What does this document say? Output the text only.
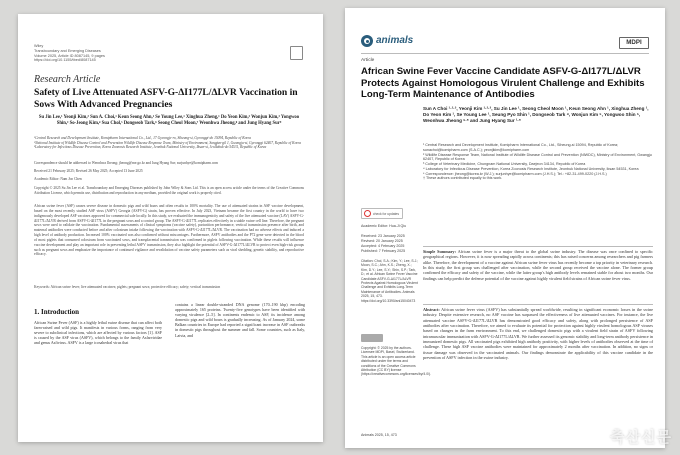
Wiley
Transboundary and Emerging Diseases
Volume 2025, Article ID 8087145, 9 pages
https://doi.org/10.1155/tbed/8087145
Research Article
Safety of Live Attenuated ASFV-G-ΔI177L/ΔLVR Vaccination in Sows With Advanced Pregnancies
Su Jin Lee,¹ Yeonji Kim,² Sun A. Choi,¹ Keun Seong Ahn,¹ Se Young Lee,¹ Xinghua Zheng,¹ Do Yeon Kim,² Wonjun Kim,³ Yongwoo Shin,³ So-Jeong Kim,⁴ Sua Chol,⁵ Dongseob Tark,⁶ Seong Cheol Moon,⁷ Weonhwa Jheong,⁸ and Jung Hyang Sur⁹
¹Central Research and Development Institute, Komipharm International Co., Ltd., 17 Gyeongje-ro, Siheung-si, Gyeonggi-do 15094, Republic of Korea
²National Institute of Wildlife Disease Control and Prevention Wildlife Disease Response Team, Ministry of Environment, Sangjun-gil 1, Gwangju-si, Gyeonggi 62407, Republic of Korea
³Laboratory for Infectious Disease Prevention, Korea Zoonosis Research Institute, Jeonbuk National University, Iksan-si, Jeollabuk-do 54531, Republic of Korea
Correspondence should be addressed to Weonhwa Jheong; jheong@me.go.kr and Jung Hyang Sur; surjunhye@komipharm.com
Received 21 February 2025; Revised 26 May 2025; Accepted 13 June 2025
Academic Editor: Nam Joo Chen
Copyright © 2025 Su Jin Lee et al. Transboundary and Emerging Diseases published by John Wiley & Sons Ltd. This is an open access article under the terms of the Creative Commons Attribution License, which permits use, distribution and reproduction in any medium, provided the original work is properly cited.
African swine fever (ASF) causes severe disease in domestic pigs and wild boars and often results in 100% mortality. The use of attenuated strains in ASF vaccine development, based on the most recently studied ASF virus (ASFV) Georgia (ASFV-G) strain, has proven effective. In July 2023, Vietnam became the first country in the world to have two indigenously developed ASF vaccines approved for commercial sale locally. In this study, we evaluated the immunogenicity and safety of the live attenuated vaccine (LAV) ASFV-G-ΔI177L/ΔLVR derived from ASFV-G-ΔI177L in the pregnant sows and a control group. The ASFV-G-ΔI177L replicates effectively in a stable swine cell line. Therefore, the pregnant sows were used to validate the vaccination. Fundamental assessments of clinical symptoms (vaccine safety), parturition performance, vertical transmission presence after birth, and maternal antibodies were conducted before and after colostrum intake following the vaccination with ASFV-G-ΔI177L/ΔLVR. The vaccination had no adverse effects and induced a high level of antibody production. Increased 100% vaccinated was also confirmed without miscarriages. Furthermore, ASFV antibodies and the P72 gene were detected in the blood of most piglets that consumed colostrum from vaccinated sows, and transplacental transmission was confirmed in piglets following vaccination. While these results will influence vaccine development and play an important role in preventing lethal ASFV transmission, they also highlight the potential of ASFV-G-ΔI177L/ΔLVR to protect even high-risk groups such as pregnant sows and emphasize the importance of continued vigilance and revalidation of vaccine safety parameters such as viral shedding, genetic stability, and reproductive efficacy.
Keywords: African swine fever; live attenuated vaccines; piglets; pregnant sows; protective efficacy; safety; vertical transmission
1. Introduction
African Swine Fever (ASF) is a highly lethal swine disease that can affect both farm-raised and wild pigs. It manifests in various forms, ranging from very severe to subclinical infections, which are affected by various factors [1]. ASF is caused by the ASF virus (ASFV), which belongs to the family Asfarviridae and genus Asfivirus. ASFV is a large icosahedral virus that
contains a linear double-stranded DNA genome (170–190 kbp) encoding approximately 165 proteins. Twenty-five genotypes have been identified with varying virulence [2–5]. In continents endemic to ASF, its incidence among domestic pigs and wild boars is gradually increasing. As of January 2024, some Balkan countries in Europe had reported a significant increase in ASF outbreaks in domestic pigs throughout the summer and fall. Some countries, such as Italy, Latvia, and
animals	MDPI
Article
African Swine Fever Vaccine Candidate ASFV-G-ΔI177L/ΔLVR Protects Against Homologous Virulent Challenge and Exhibits Long-Term Maintenance of Antibodies
Sun A Choi ¹·²·³, Yeonji Kim ¹·²·³, Su Jin Lee ¹, Seong Cheol Moon ¹, Keun Seong Ahn ¹, Xinghua Zheng ¹, Do Yeon Kim ¹, Se Young Lee ¹, Seung Pyo Shin ¹, Dongseob Tark ⁴, Wonjun Kim ⁵, Yongwoo Shin ⁵, Weonhwa Jheong ⁶·* and Jung Hyang Sur ¹·*
check for updates
Academic Editor: Hua-Ji Qiu
Received: 23 January 2025
Revised: 20 January 2025
Accepted: 4 February 2025
Published: 7 February 2025
Citation: Choi, S.A.; Kim, Y.; Lee, S.J.; Moon, S.C.; Ahn, K.S.; Zheng, X.; Kim, D.Y.; Lee, S.Y.; Shin, S.P.; Tark, D.; et al. African Swine Fever Vaccine Candidate ASFV-G-ΔI177L/ΔLVR Protects Against Homologous Virulent Challenge and Exhibits Long-Term Maintenance of Antibodies. Animals 2025, 15, 473. https://doi.org/10.3390/ani15040473
Copyright: © 2025 by the authors. Licensee MDPI, Basel, Switzerland. This article is an open access article distributed under the terms and conditions of the Creative Commons Attribution (CC BY) license (https://creativecommons.org/licenses/by/4.0/).
¹ Central Research and Development Institute, Komipharm International Co., Ltd., Siheung-si 15094, Republic of Korea; sunachoi@komipharm.com (S.A.C.); yeonjikim@komipharm.com
² Wildlife Disease Response Team, National Institute of Wildlife Disease Control and Prevention (NIWDC), Ministry of Environment, Gwangju 62407, Republic of Korea
³ College of Veterinary Medicine, Chungnam National University, Daejeon 34134, Republic of Korea
⁴ Laboratory for Infectious Disease Prevention, Korea Zoonosis Research Institute, Jeonbuk National University, Iksan 54531, Korea
* Correspondence: jheong@korea.kr (W.J.); surjunhye@komipharm.com (J.H.S.); Tel.: +82-31-499-0220 (J.H.S.)
† These authors contributed equally to this work.
Simple Summary: African swine fever is a major threat to the global swine industry. The disease was once confined to specific geographical regions. However, it is now spreading rapidly across continents; this has raised concerns among researchers and pig farmers alike. Therefore, the development of a vaccine against African swine fever virus has recently become a top priority in veterinary research. In this study, the first group was challenged after vaccination, while the second group received the vaccine alone. The former group confirmed the efficacy and safety of the vaccine, while the latter group's high antibody levels remained stable for about two months. Our findings can help predict the defense potential of the vaccine against highly virulent field strains of African swine fever virus.
Abstract: African swine fever virus (ASFV) has substantially spread worldwide, resulting in significant economic losses in the swine industry. Despite extensive research, no ASF vaccine has surpassed the effectiveness of live attenuated vaccines. For instance, the live attenuated vaccine ASFV-G-ΔI177L/ΔLVR has demonstrated good efficacy and safety, along with prolonged persistence of ASF antibodies after vaccination. Therefore, we aimed to evaluate its potential for protection against highly virulent homologous ASF viruses based on changes in the farm environment. To this end, we challenged domestic pigs with a virulent field strain of ASFV following intramuscular immunization with ASFV-G-ΔI177L/ΔLVR. We further assessed its genomic stability and long-term antibody persistence in immunized domestic pigs. All vaccinated pigs exhibited high antibody positivity, with higher levels of antibodies observed at the time of challenge. These high ASF vaccine antibodies were maintained for approximately 2 months after vaccination. In addition, no signs or tissue damage was observed in the vaccinated animals. Our findings demonstrate the applicability of this vaccine candidate in the prevention of ASFV infection in the swine industry.
Animals 2025, 15, 473	축산신문
